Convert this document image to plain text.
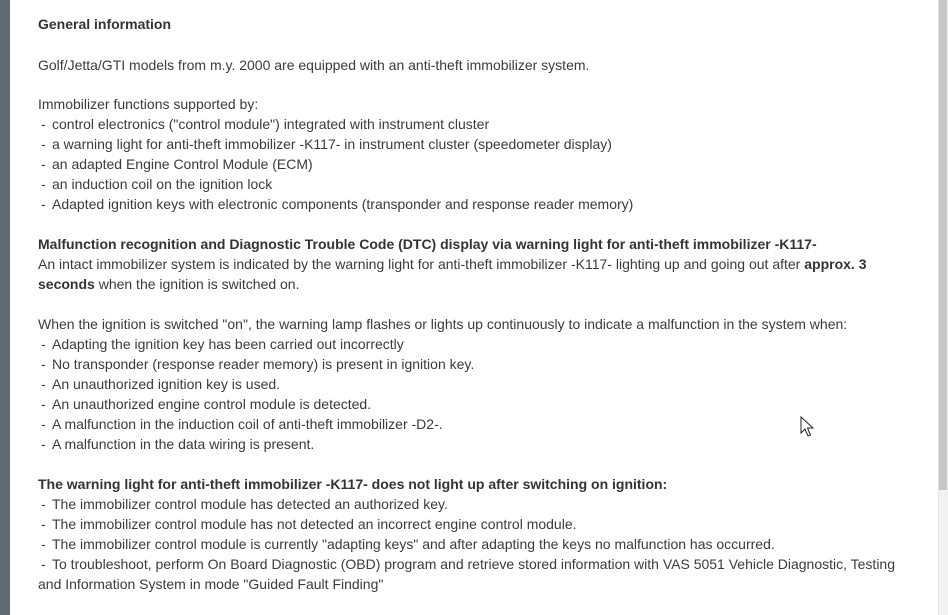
General information
Golf/Jetta/GTI models from m.y. 2000 are equipped with an anti-theft immobilizer system.
Immobilizer functions supported by:
- control electronics ("control module") integrated with instrument cluster
- a warning light for anti-theft immobilizer -K117- in instrument cluster (speedometer display)
- an adapted Engine Control Module (ECM)
- an induction coil on the ignition lock
- Adapted ignition keys with electronic components (transponder and response reader memory)
Malfunction recognition and Diagnostic Trouble Code (DTC) display via warning light for anti-theft immobilizer -K117-
An intact immobilizer system is indicated by the warning light for anti-theft immobilizer -K117- lighting up and going out after approx. 3
seconds when the ignition is switched on.
When the ignition is switched "on", the warning lamp flashes or lights up continuously to indicate a malfunction in the system when:
- Adapting the ignition key has been carried out incorrectly
- No transponder (response reader memory) is present in ignition key.
- An unauthorized ignition key is used.
- An unauthorized engine control module is detected.
- A malfunction in the induction coil of anti-theft immobilizer -D2-.
- A malfunction in the data wiring is present.
The warning light for anti-theft immobilizer -K117- does not light up after switching on ignition:
- The immobilizer control module has detected an authorized key.
- The immobilizer control module has not detected an incorrect engine control module.
- The immobilizer control module is currently "adapting keys" and after adapting the keys no malfunction has occurred.
- To troubleshoot, perform On Board Diagnostic (OBD) program and retrieve stored information with VAS 5051 Vehicle Diagnostic, Testing
and Information System in mode "Guided Fault Finding"
